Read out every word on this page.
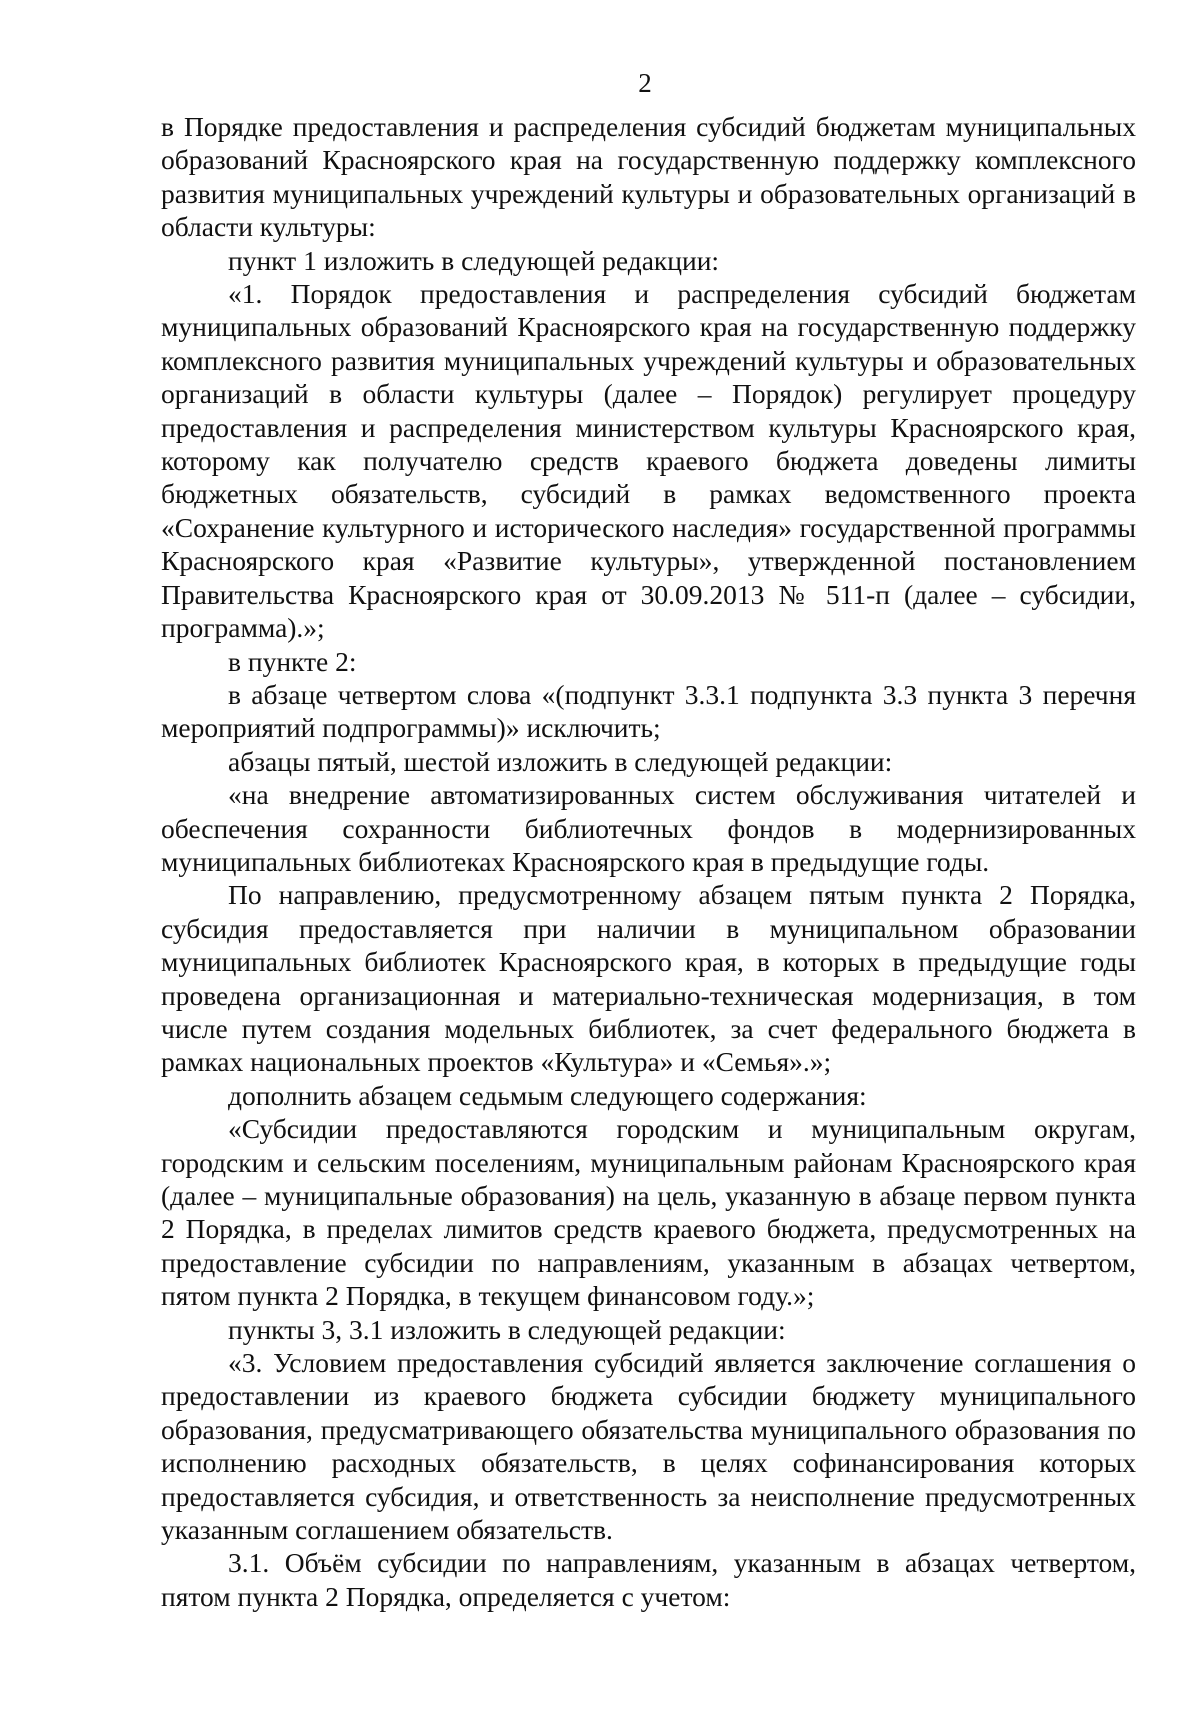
2

в Порядке предоставления и распределения субсидий бюджетам муниципальных образований Красноярского края на государственную поддержку комплексного развития муниципальных учреждений культуры и образовательных организаций в области культуры:

пункт 1 изложить в следующей редакции:

«1. Порядок предоставления и распределения субсидий бюджетам муниципальных образований Красноярского края на государственную поддержку комплексного развития муниципальных учреждений культуры и образовательных организаций в области культуры (далее – Порядок) регулирует процедуру предоставления и распределения министерством культуры Красноярского края, которому как получателю средств краевого бюджета доведены лимиты бюджетных обязательств, субсидий в рамках ведомственного проекта «Сохранение культурного и исторического наследия» государственной программы Красноярского края «Развитие культуры», утвержденной постановлением Правительства Красноярского края от 30.09.2013 № 511-п (далее – субсидии, программа).»;

в пункте 2:

в абзаце четвертом слова «(подпункт 3.3.1 подпункта 3.3 пункта 3 перечня мероприятий подпрограммы)» исключить;

абзацы пятый, шестой изложить в следующей редакции:

«на внедрение автоматизированных систем обслуживания читателей и обеспечения сохранности библиотечных фондов в модернизированных муниципальных библиотеках Красноярского края в предыдущие годы.

По направлению, предусмотренному абзацем пятым пункта 2 Порядка, субсидия предоставляется при наличии в муниципальном образовании муниципальных библиотек Красноярского края, в которых в предыдущие годы проведена организационная и материально-техническая модернизация, в том числе путем создания модельных библиотек, за счет федерального бюджета в рамках национальных проектов «Культура» и «Семья».»;

дополнить абзацем седьмым следующего содержания:

«Субсидии предоставляются городским и муниципальным округам, городским и сельским поселениям, муниципальным районам Красноярского края (далее – муниципальные образования) на цель, указанную в абзаце первом пункта 2 Порядка, в пределах лимитов средств краевого бюджета, предусмотренных на предоставление субсидии по направлениям, указанным в абзацах четвертом, пятом пункта 2 Порядка, в текущем финансовом году.»;

пункты 3, 3.1 изложить в следующей редакции:

«3. Условием предоставления субсидий является заключение соглашения о предоставлении из краевого бюджета субсидии бюджету муниципального образования, предусматривающего обязательства муниципального образования по исполнению расходных обязательств, в целях софинансирования которых предоставляется субсидия, и ответственность за неисполнение предусмотренных указанным соглашением обязательств.

3.1. Объём субсидии по направлениям, указанным в абзацах четвертом, пятом пункта 2 Порядка, определяется с учетом:
